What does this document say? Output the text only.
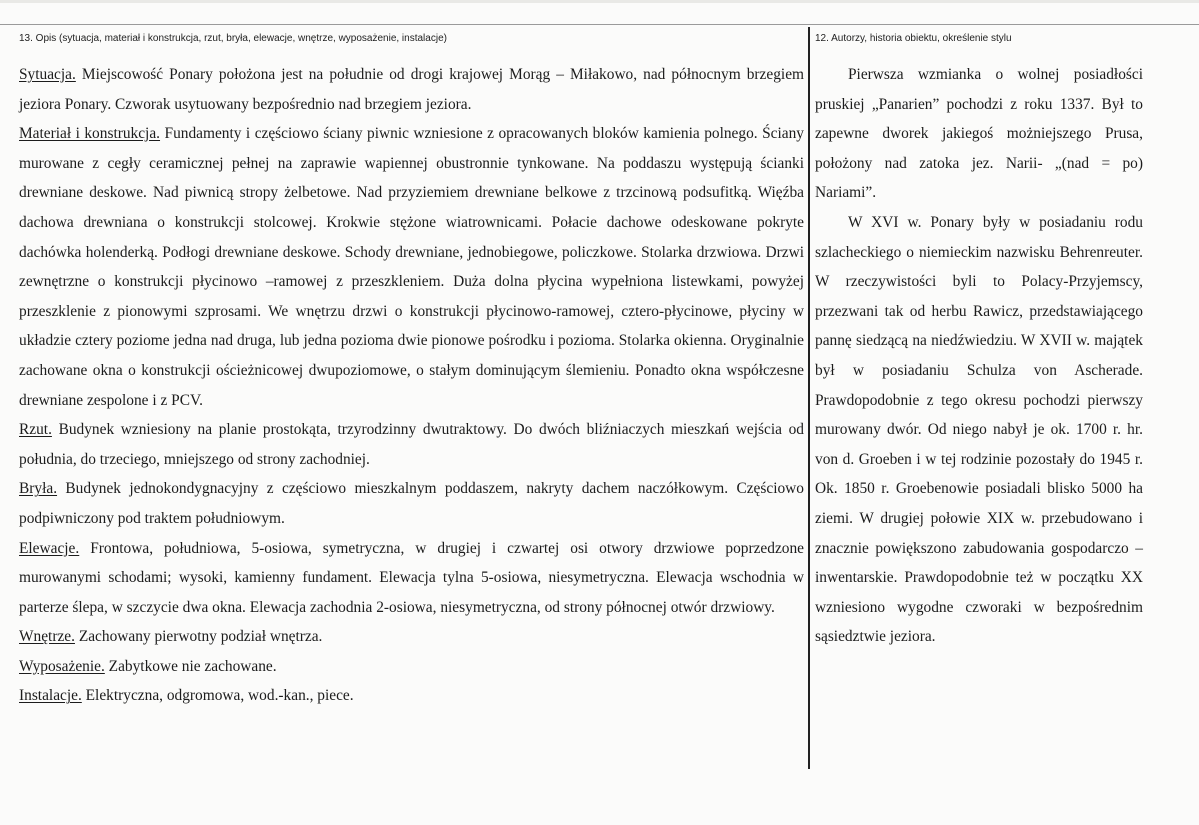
13. Opis (sytuacja, materiał i konstrukcja, rzut, bryła, elewacje, wnętrze, wyposażenie, instalacje)	12. Autorzy, historia obiektu, określenie stylu

Sytuacja. Miejscowość Ponary położona jest na południe od drogi krajowej Morąg – Miłakowo, nad północnym brzegiem jeziora Ponary. Czworak usytuowany bezpośrednio nad brzegiem jeziora.

Materiał i konstrukcja. Fundamenty i częściowo ściany piwnic wzniesione z opracowanych bloków kamienia polnego. Ściany murowane z cegły ceramicznej pełnej na zaprawie wapiennej obustronnie tynkowane. Na poddaszu występują ścianki drewniane deskowe. Nad piwnicą stropy żelbetowe. Nad przyziemiem drewniane belkowe z trzcinową podsufitką. Więźba dachowa drewniana o konstrukcji stolcowej. Krokwie stężone wiatrownicami. Połacie dachowe odeskowane pokryte dachówka holenderką. Podłogi drewniane deskowe. Schody drewniane, jednobiegowe, policzkowe. Stolarka drzwiowa. Drzwi zewnętrzne o konstrukcji płycinowo –ramowej z przeszkleniem. Duża dolna płycina wypełniona listewkami, powyżej przeszklenie z pionowymi szprosami. We wnętrzu drzwi o konstrukcji płycinowo-ramowej, cztero-płycinowe, płyciny w układzie cztery poziome jedna nad druga, lub jedna pozioma dwie pionowe pośrodku i pozioma. Stolarka okienna. Oryginalnie zachowane okna o konstrukcji ościeżnicowej dwupoziomowe, o stałym dominującym ślemieniu. Ponadto okna współczesne drewniane zespolone i z PCV.

Rzut. Budynek wzniesiony na planie prostokąta, trzyrodzinny dwutraktowy. Do dwóch bliźniaczych mieszkań wejścia od południa, do trzeciego, mniejszego od strony zachodniej.

Bryła. Budynek jednokondygnacyjny z częściowo mieszkalnym poddaszem, nakryty dachem naczółkowym. Częściowo podpiwniczony pod traktem południowym.

Elewacje. Frontowa, południowa, 5-osiowa, symetryczna, w drugiej i czwartej osi otwory drzwiowe poprzedzone murowanymi schodami; wysoki, kamienny fundament. Elewacja tylna 5-osiowa, niesymetryczna. Elewacja wschodnia w parterze ślepa, w szczycie dwa okna. Elewacja zachodnia 2-osiowa, niesymetryczna, od strony północnej otwór drzwiowy.

Wnętrze. Zachowany pierwotny podział wnętrza.

Wyposażenie. Zabytkowe nie zachowane.

Instalacje. Elektryczna, odgromowa, wod.-kan., piece.

Pierwsza wzmianka o wolnej posiadłości pruskiej „Panarien” pochodzi z roku 1337. Był to zapewne dworek jakiegoś możniejszego Prusa, położony nad zatoka jez. Narii- „(nad = po) Nariami”.

W XVI w. Ponary były w posiadaniu rodu szlacheckiego o niemieckim nazwisku Behrenreuter. W rzeczywistości byli to Polacy-Przyjemscy, przezwani tak od herbu Rawicz, przedstawiającego pannę siedzącą na niedźwiedziu. W XVII w. majątek był w posiadaniu Schulza von Ascherade. Prawdopodobnie z tego okresu pochodzi pierwszy murowany dwór. Od niego nabył je ok. 1700 r. hr. von d. Groeben i w tej rodzinie pozostały do 1945 r. Ok. 1850 r. Groebenowie posiadali blisko 5000 ha ziemi. W drugiej połowie XIX w. przebudowano i znacznie powiększono zabudowania gospodarczo – inwentarskie. Prawdopodobnie też w początku XX wzniesiono wygodne czworaki w bezpośrednim sąsiedztwie jeziora.
